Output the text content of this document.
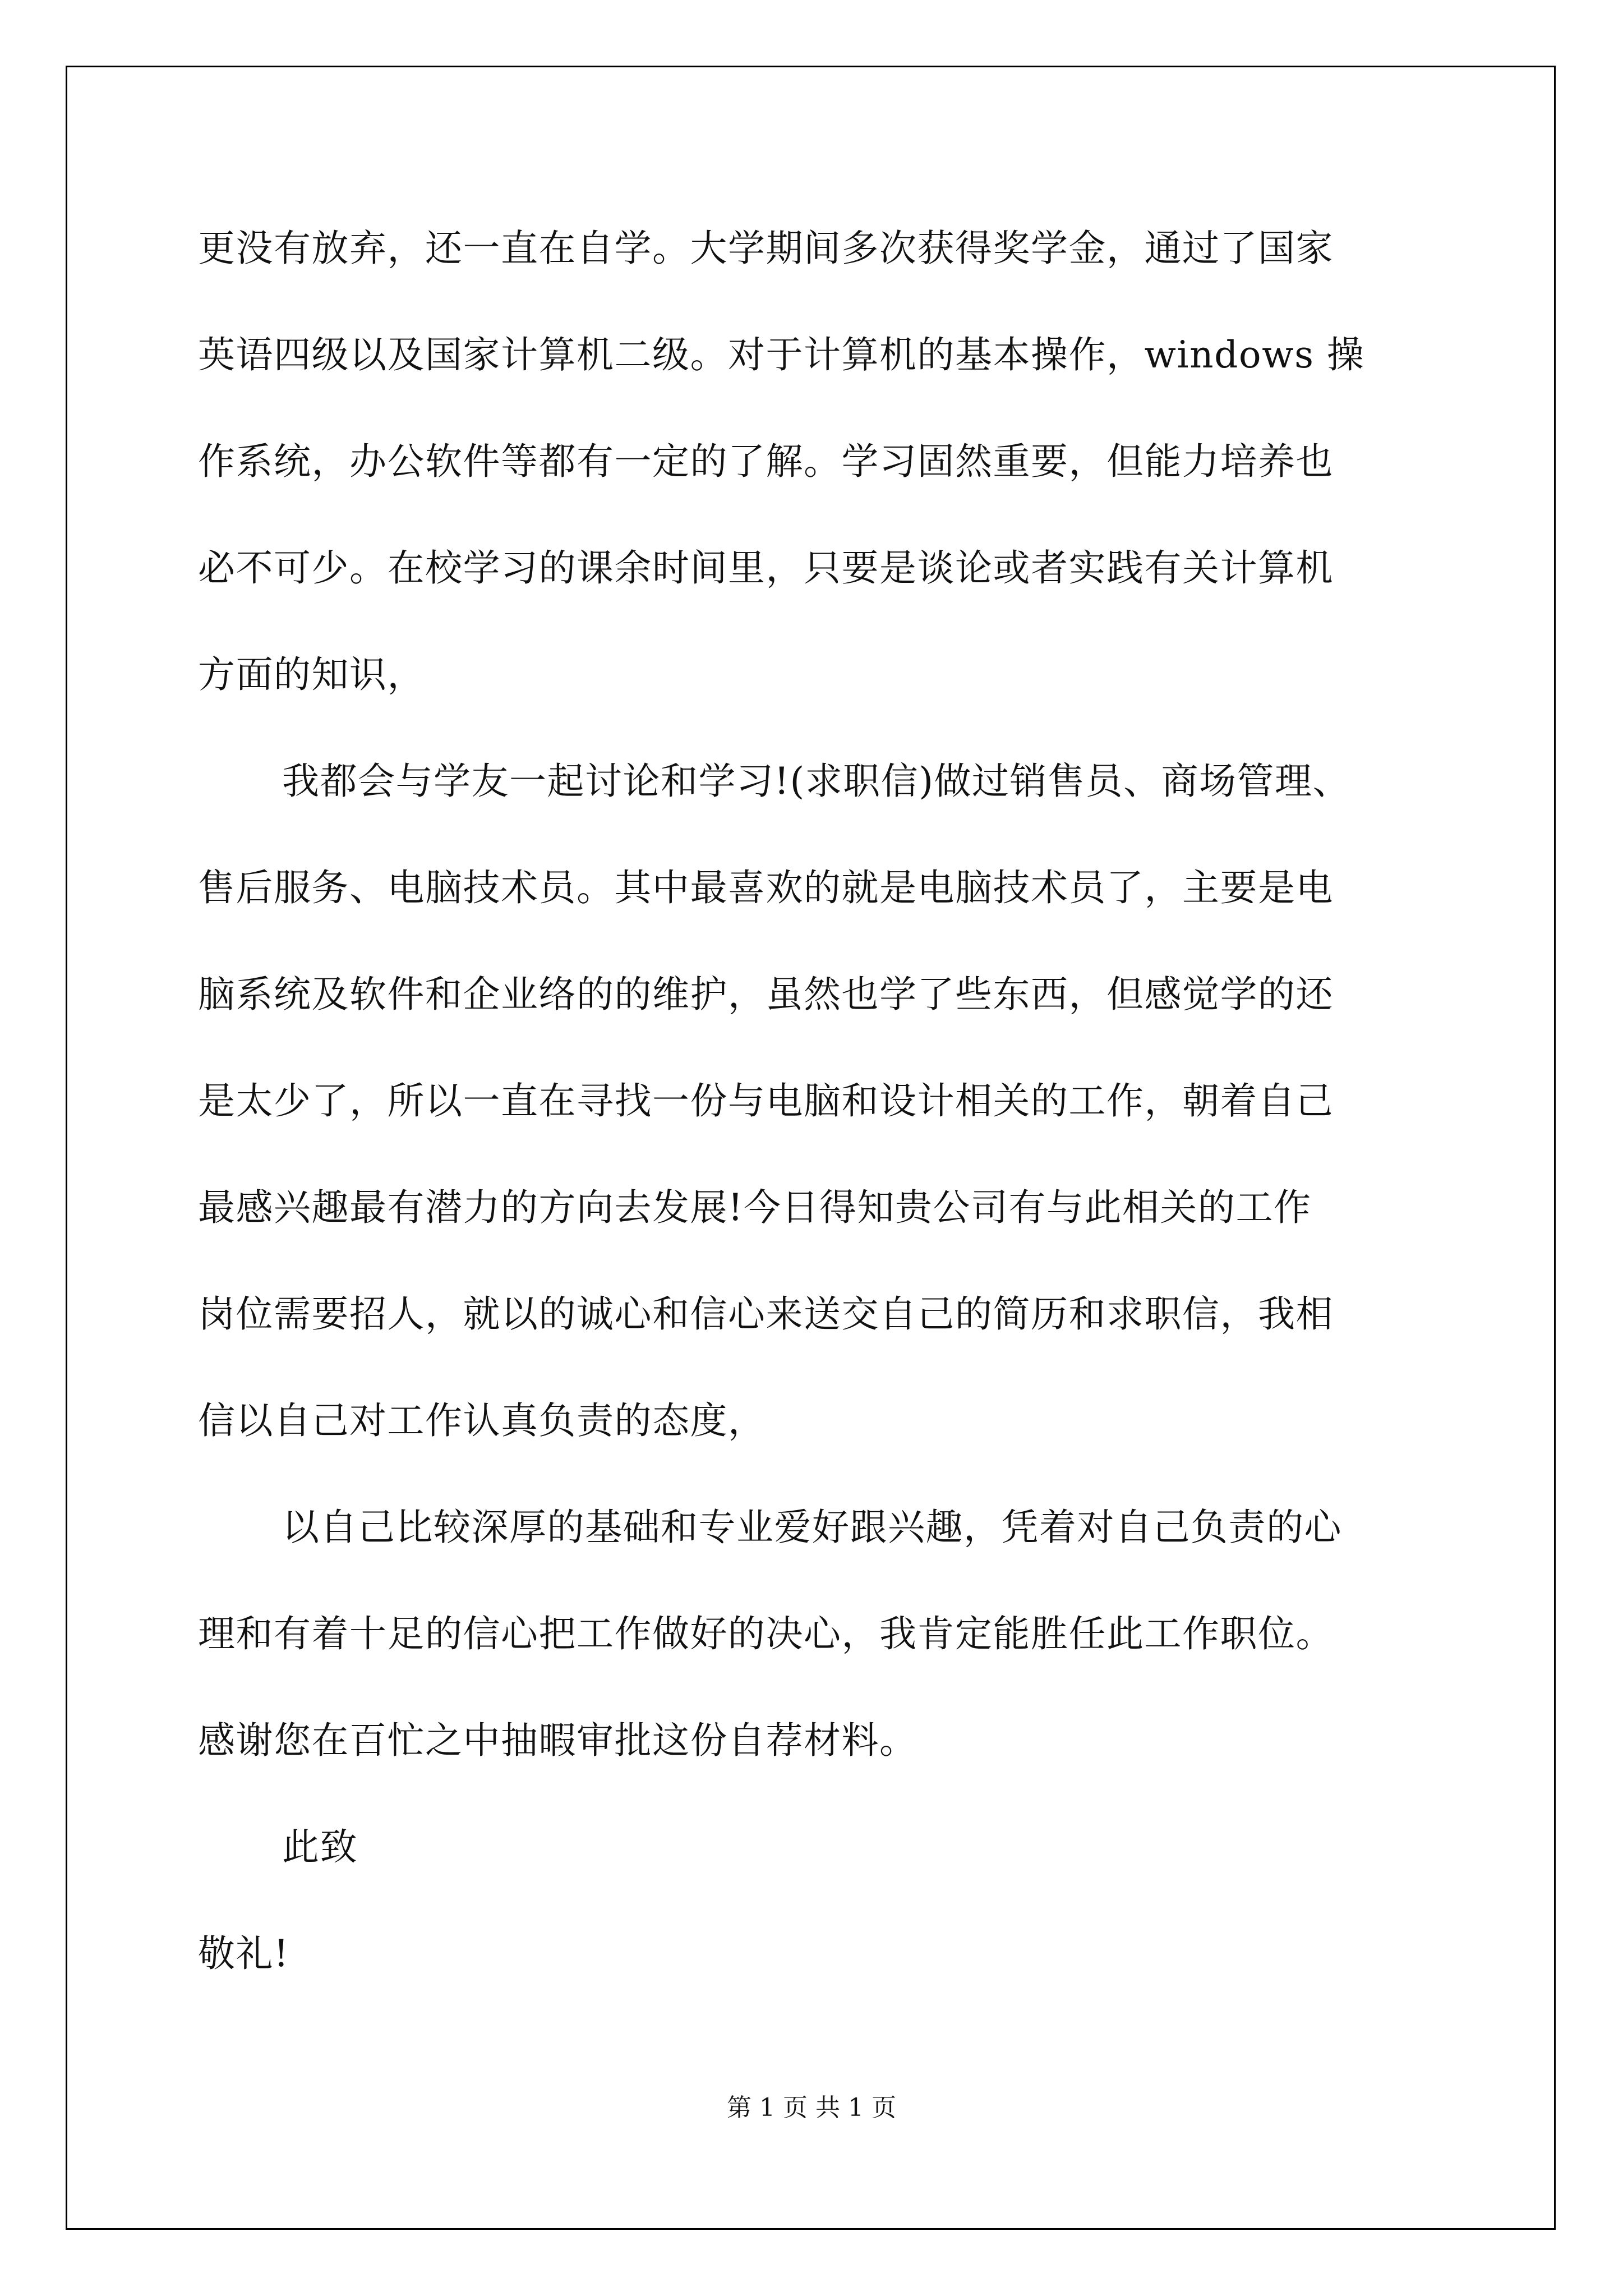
更没有放弃，还一直在自学。大学期间多次获得奖学金，通过了国家

英语四级以及国家计算机二级。对于计算机的基本操作，windows 操

作系统，办公软件等都有一定的了解。学习固然重要，但能力培养也

必不可少。在校学习的课余时间里，只要是谈论或者实践有关计算机

方面的知识，

我都会与学友一起讨论和学习!(求职信)做过销售员、商场管理、

售后服务、电脑技术员。其中最喜欢的就是电脑技术员了，主要是电

脑系统及软件和企业络的的维护，虽然也学了些东西，但感觉学的还

是太少了，所以一直在寻找一份与电脑和设计相关的工作，朝着自己

最感兴趣最有潜力的方向去发展!今日得知贵公司有与此相关的工作

岗位需要招人，就以的诚心和信心来送交自己的简历和求职信，我相

信以自己对工作认真负责的态度，

以自己比较深厚的基础和专业爱好跟兴趣，凭着对自己负责的心

理和有着十足的信心把工作做好的决心，我肯定能胜任此工作职位。

感谢您在百忙之中抽暇审批这份自荐材料。

此致

敬礼!

第 1 页 共 1 页
